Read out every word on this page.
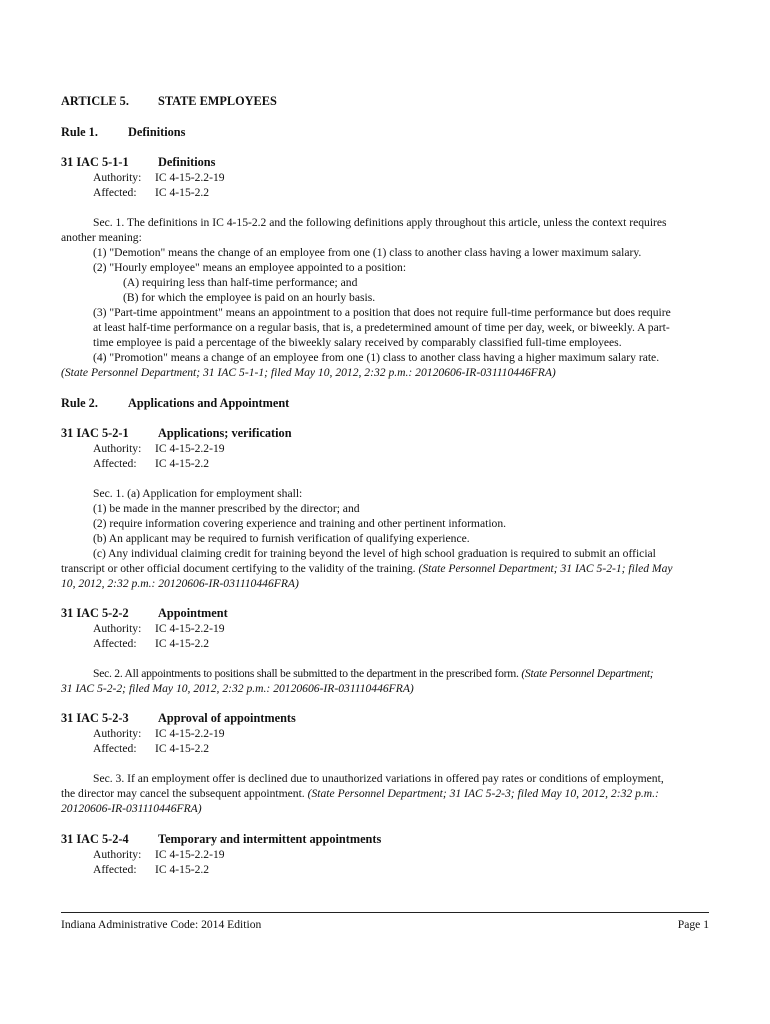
ARTICLE 5. STATE EMPLOYEES
Rule 1. Definitions
31 IAC 5-1-1 Definitions
Authority: IC 4-15-2.2-19
Affected: IC 4-15-2.2
Sec. 1. The definitions in IC 4-15-2.2 and the following definitions apply throughout this article, unless the context requires
another meaning:
(1) "Demotion" means the change of an employee from one (1) class to another class having a lower maximum salary.
(2) "Hourly employee" means an employee appointed to a position:
(A) requiring less than half-time performance; and
(B) for which the employee is paid on an hourly basis.
(3) "Part-time appointment" means an appointment to a position that does not require full-time performance but does require
at least half-time performance on a regular basis, that is, a predetermined amount of time per day, week, or biweekly. A part-
time employee is paid a percentage of the biweekly salary received by comparably classified full-time employees.
(4) "Promotion" means a change of an employee from one (1) class to another class having a higher maximum salary rate.
(State Personnel Department; 31 IAC 5-1-1; filed May 10, 2012, 2:32 p.m.: 20120606-IR-031110446FRA)
Rule 2. Applications and Appointment
31 IAC 5-2-1 Applications; verification
Authority: IC 4-15-2.2-19
Affected: IC 4-15-2.2
Sec. 1. (a) Application for employment shall:
(1) be made in the manner prescribed by the director; and
(2) require information covering experience and training and other pertinent information.
(b) An applicant may be required to furnish verification of qualifying experience.
(c) Any individual claiming credit for training beyond the level of high school graduation is required to submit an official
transcript or other official document certifying to the validity of the training. (State Personnel Department; 31 IAC 5-2-1; filed May
10, 2012, 2:32 p.m.: 20120606-IR-031110446FRA)
31 IAC 5-2-2 Appointment
Authority: IC 4-15-2.2-19
Affected: IC 4-15-2.2
Sec. 2. All appointments to positions shall be submitted to the department in the prescribed form. (State Personnel Department;
31 IAC 5-2-2; filed May 10, 2012, 2:32 p.m.: 20120606-IR-031110446FRA)
31 IAC 5-2-3 Approval of appointments
Authority: IC 4-15-2.2-19
Affected: IC 4-15-2.2
Sec. 3. If an employment offer is declined due to unauthorized variations in offered pay rates or conditions of employment,
the director may cancel the subsequent appointment. (State Personnel Department; 31 IAC 5-2-3; filed May 10, 2012, 2:32 p.m.:
20120606-IR-031110446FRA)
31 IAC 5-2-4 Temporary and intermittent appointments
Authority: IC 4-15-2.2-19
Affected: IC 4-15-2.2
Indiana Administrative Code: 2014 Edition	Page 1
